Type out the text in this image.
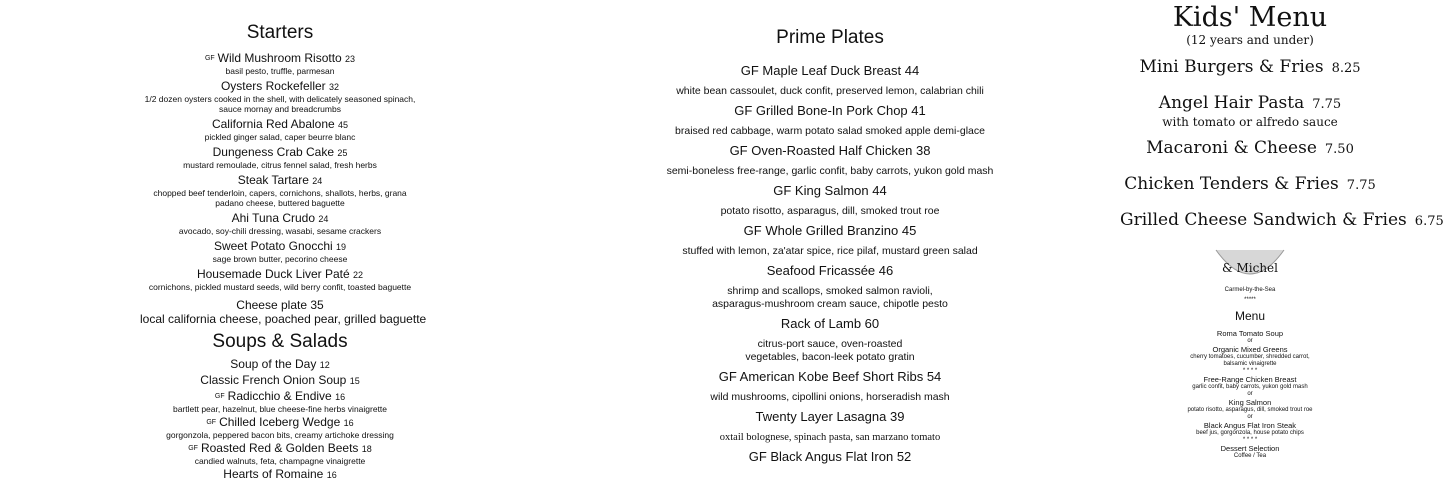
Starters
GF Wild Mushroom Risotto 23
basil pesto, truffle, parmesan
Oysters Rockefeller 32
1/2 dozen oysters cooked in the shell, with delicately seasoned spinach, sauce mornay and breadcrumbs
California Red Abalone 45
pickled ginger salad, caper beurre blanc
Dungeness Crab Cake 25
mustard remoulade, citrus fennel salad, fresh herbs
Steak Tartare 24
chopped beef tenderloin, capers, cornichons, shallots, herbs, grana padano cheese, buttered baguette
Ahi Tuna Crudo 24
avocado, soy-chili dressing, wasabi, sesame crackers
Sweet Potato Gnocchi 19
sage brown butter, pecorino cheese
Housemade Duck Liver Paté 22
cornichons, pickled mustard seeds, wild berry confit, toasted baguette
Cheese plate 35
local california cheese, poached pear, grilled baguette
Soups & Salads
Soup of the Day 12
Classic French Onion Soup 15
GF Radicchio & Endive 16
bartlett pear, hazelnut, blue cheese-fine herbs vinaigrette
GF Chilled Iceberg Wedge 16
gorgonzola, peppered bacon bits, creamy artichoke dressing
GF Roasted Red & Golden Beets 18
candied walnuts, feta, champagne vinaigrette
Hearts of Romaine 16
Prime Plates
GF Maple Leaf Duck Breast 44
white bean cassoulet, duck confit, preserved lemon, calabrian chili
GF Grilled Bone-In Pork Chop 41
braised red cabbage, warm potato salad smoked apple demi-glace
GF Oven-Roasted Half Chicken 38
semi-boneless free-range, garlic confit, baby carrots, yukon gold mash
GF King Salmon 44
potato risotto, asparagus, dill, smoked trout roe
GF Whole Grilled Branzino 45
stuffed with lemon, za'atar spice, rice pilaf, mustard green salad
Seafood Fricassée 46
shrimp and scallops, smoked salmon ravioli,
asparagus-mushroom cream sauce, chipotle pesto
Rack of Lamb 60
citrus-port sauce, oven-roasted
vegetables, bacon-leek potato gratin
GF American Kobe Beef Short Ribs 54
wild mushrooms, cipollini onions, horseradish mash
Twenty Layer Lasagna 39
oxtail bolognese, spinach pasta, san marzano tomato
GF Black Angus Flat Iron 52
Kids' Menu
(12 years and under)
Mini Burgers & Fries 8.25
Angel Hair Pasta 7.75
with tomato or alfredo sauce
Macaroni & Cheese 7.50
Chicken Tenders & Fries 7.75
Grilled Cheese Sandwich & Fries 6.75
& Michel
Carmel-by-the-Sea
*****
Menu
Roma Tomato Soup
or
Organic Mixed Greens
cherry tomatoes, cucumber, shredded carrot, balsamic vinaigrette
* * * *
Free-Range Chicken Breast
garlic confit, baby carrots, yukon gold mash
or
King Salmon
potato risotto, asparagus, dill, smoked trout roe
or
Black Angus Flat Iron Steak
beef jus, gorgonzola, house potato chips
* * * *
Dessert Selection
Coffee / Tea
